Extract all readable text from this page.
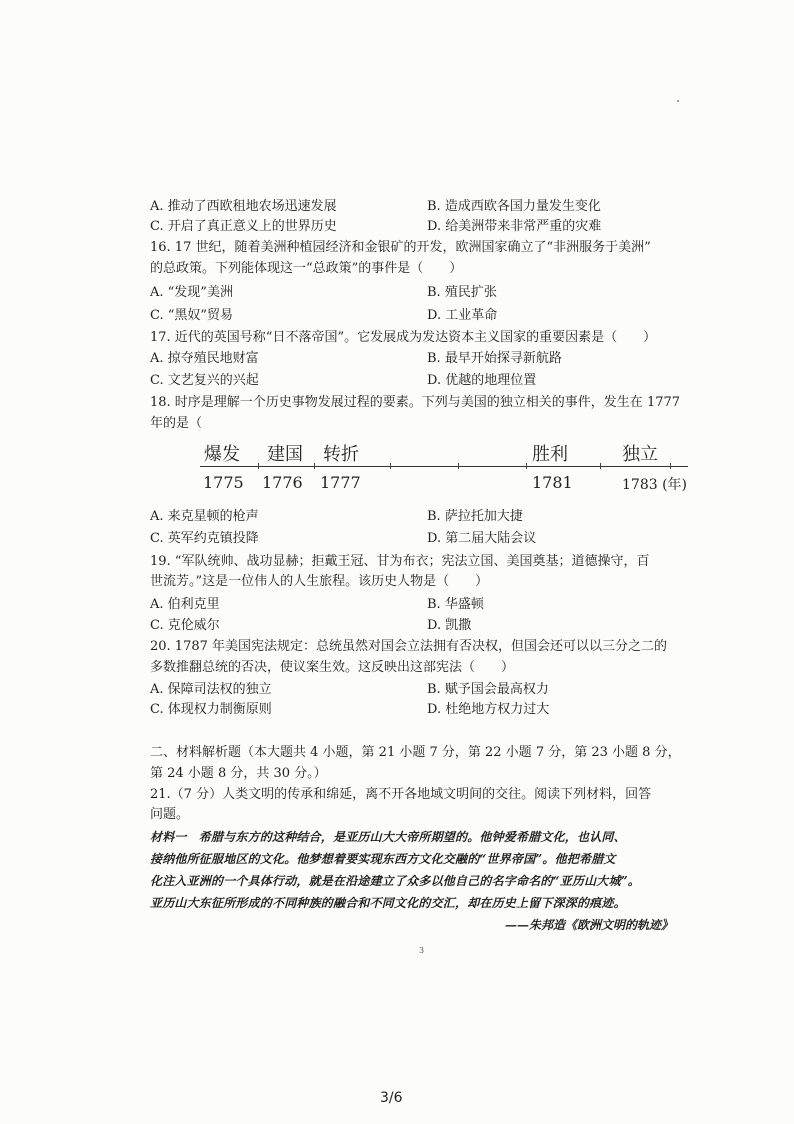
A. 推动了西欧租地农场迅速发展	B. 造成西欧各国力量发生变化
C. 开启了真正意义上的世界历史	D. 给美洲带来非常严重的灾难
16. 17 世纪，随着美洲种植园经济和金银矿的开发，欧洲国家确立了“非洲服务于美洲”
的总政策。下列能体现这一“总政策”的事件是（　　）
A. “发现”美洲	B. 殖民扩张
C. “黑奴”贸易	D. 工业革命
17. 近代的英国号称“日不落帝国”。它发展成为发达资本主义国家的重要因素是（　　）
A. 掠夺殖民地财富	B. 最早开始探寻新航路
C. 文艺复兴的兴起	D. 优越的地理位置
18. 时序是理解一个历史事物发展过程的要素。下列与美国的独立相关的事件，发生在 1777
年的是（
爆发 建国 转折	胜利	独立
1775 1776 1777	1781	1783 (年)
A. 来克星顿的枪声	B. 萨拉托加大捷
C. 英军约克镇投降	D. 第二届大陆会议
19. “军队统帅、战功显赫；拒戴王冠、甘为布衣；宪法立国、美国奠基；道德操守，百
世流芳。”这是一位伟人的人生旅程。该历史人物是（　　）
A. 伯利克里	B. 华盛顿
C. 克伦威尔	D. 凯撒
20. 1787 年美国宪法规定：总统虽然对国会立法拥有否决权，但国会还可以以三分之二的
多数推翻总统的否决，使议案生效。这反映出这部宪法（　　）
A. 保障司法权的独立	B. 赋予国会最高权力
C. 体现权力制衡原则	D. 杜绝地方权力过大
二、材料解析题（本大题共 4 小题，第 21 小题 7 分，第 22 小题 7 分，第 23 小题 8 分，
第 24 小题 8 分，共 30 分。）
21.（7 分）人类文明的传承和绵延，离不开各地域文明间的交往。阅读下列材料，回答
问题。
材料一　希腊与东方的这种结合，是亚历山大大帝所期望的。他钟爱希腊文化，也认同、
接纳他所征服地区的文化。他梦想着要实现东西方文化交融的“世界帝国”。他把希腊文
化注入亚洲的一个具体行动，就是在沿途建立了众多以他自己的名字命名的“亚历山大城”。
亚历山大东征所形成的不同种族的融合和不同文化的交汇，却在历史上留下深深的痕迹。
——朱邦造《欧洲文明的轨迹》
3
3/6
